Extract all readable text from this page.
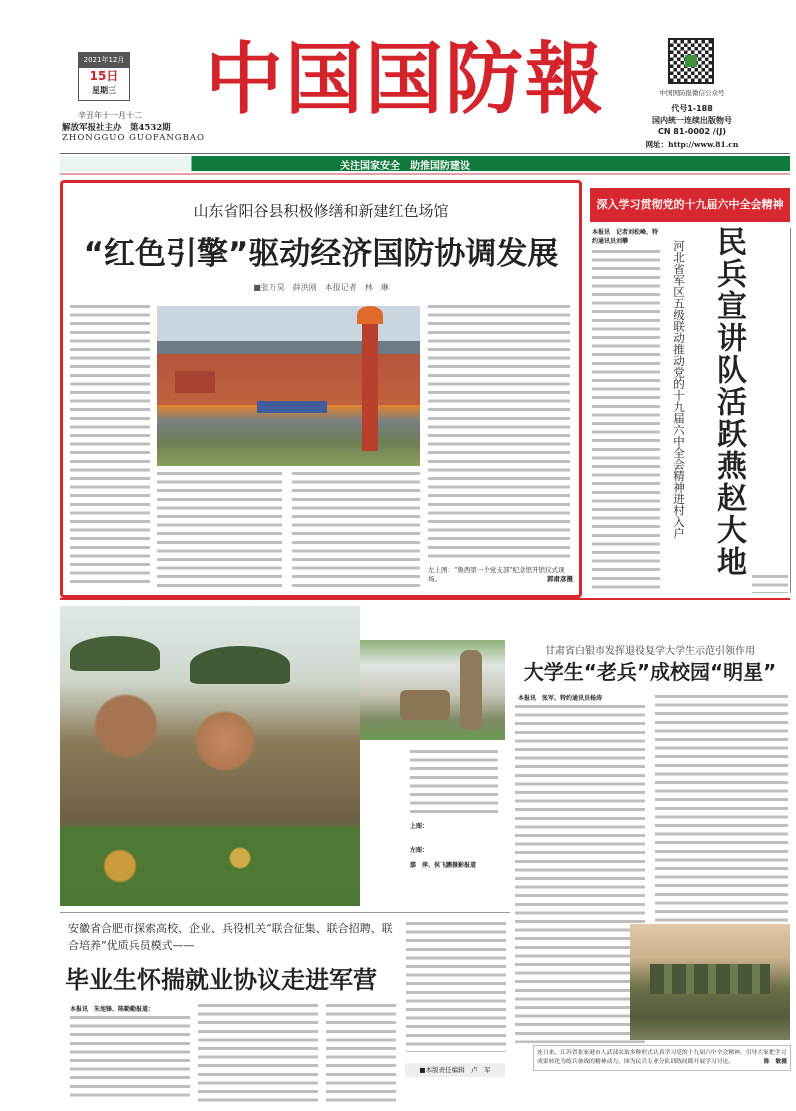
2021年12月
15日
星期三
辛丑年十一月十二
解放军报社主办　第4532期
ZHONGGUO GUOFANGBAO
中国国防報	中国国防报微信公众号
代号1-188
国内统一连续出版物号
CN 81-0002 /(J)
网址：http://www.81.cn
关注国家安全　助推国防建设
山东省阳谷县积极修缮和新建红色场馆
“红色引擎”驱动经济国防协调发展
■张万昊　薛洪刚　本报记者　林　琳
左上图：“鲁西第一个党支部”纪念馆开馆仪式现场。	郭肃彦摄
深入学习贯彻党的十九届六中全会精神
本报讯　记者刘松峰、特约通讯员刘攀	河北省军区五级联动推动党的十九届六中全会精神进村入户 民兵宣讲队活跃燕赵大地
上图：
左图：
鄢　萍、侯飞鹏摄影报道
甘肃省白银市发挥退役复学大学生示范引领作用
大学生“老兵”成校园“明星”
本报讯　张军、特约通讯员杨涛
安徽省合肥市探索高校、企业、兵役机关“联合征集、联合招聘、联合培养”优质兵员模式——
毕业生怀揣就业协议走进军营
本报讯　朱旭锋、陈勤勤报道：
■本版责任编辑　卢　军
连日来，江苏省张家港市人武部采取多种形式认真学习党的十九届六中全会精神，引导大家把学习成果转化为练兵备战的精神动力。图为民兵专业分队训练间隙开展学习讨论。	陈　敏摄
